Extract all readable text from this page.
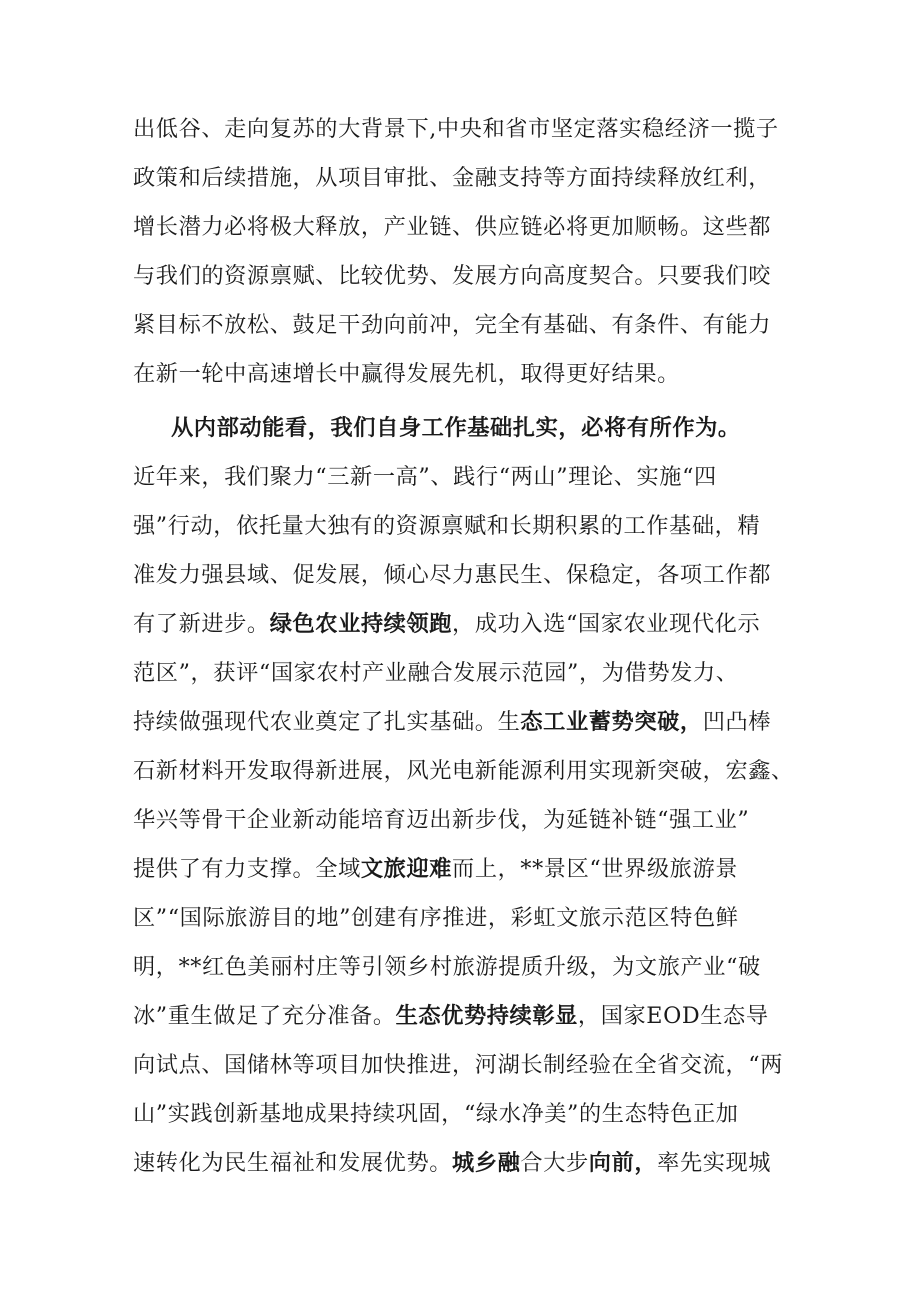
出低谷、走向复苏的大背景下,中央和省市坚定落实稳经济一揽子
政策和后续措施，从项目审批、金融支持等方面持续释放红利，
增长潜力必将极大释放，产业链、供应链必将更加顺畅。这些都
与我们的资源禀赋、比较优势、发展方向高度契合。只要我们咬
紧目标不放松、鼓足干劲向前冲，完全有基础、有条件、有能力
在新一轮中高速增长中赢得发展先机，取得更好结果。
从内部动能看，我们自身工作基础扎实，必将有所作为。
近年来，我们聚力“三新一高”、践行“两山”理论、实施“四
强”行动，依托量大独有的资源禀赋和长期积累的工作基础，精
准发力强县域、促发展，倾心尽力惠民生、保稳定，各项工作都
有了新进步。绿色农业持续领跑，成功入选“国家农业现代化示
范区”，获评“国家农村产业融合发展示范园”，为借势发力、
持续做强现代农业奠定了扎实基础。生态工业蓄势突破，凹凸棒
石新材料开发取得新进展，风光电新能源利用实现新突破，宏鑫、
华兴等骨干企业新动能培育迈出新步伐，为延链补链“强工业”
提供了有力支撑。全域文旅迎难而上，**景区“世界级旅游景
区”“国际旅游目的地”创建有序推进，彩虹文旅示范区特色鲜
明，**红色美丽村庄等引领乡村旅游提质升级，为文旅产业“破
冰”重生做足了充分准备。生态优势持续彰显，国家EOD生态导
向试点、国储林等项目加快推进，河湖长制经验在全省交流，“两
山”实践创新基地成果持续巩固，“绿水净美”的生态特色正加
速转化为民生福祉和发展优势。城乡融合大步向前，率先实现城
